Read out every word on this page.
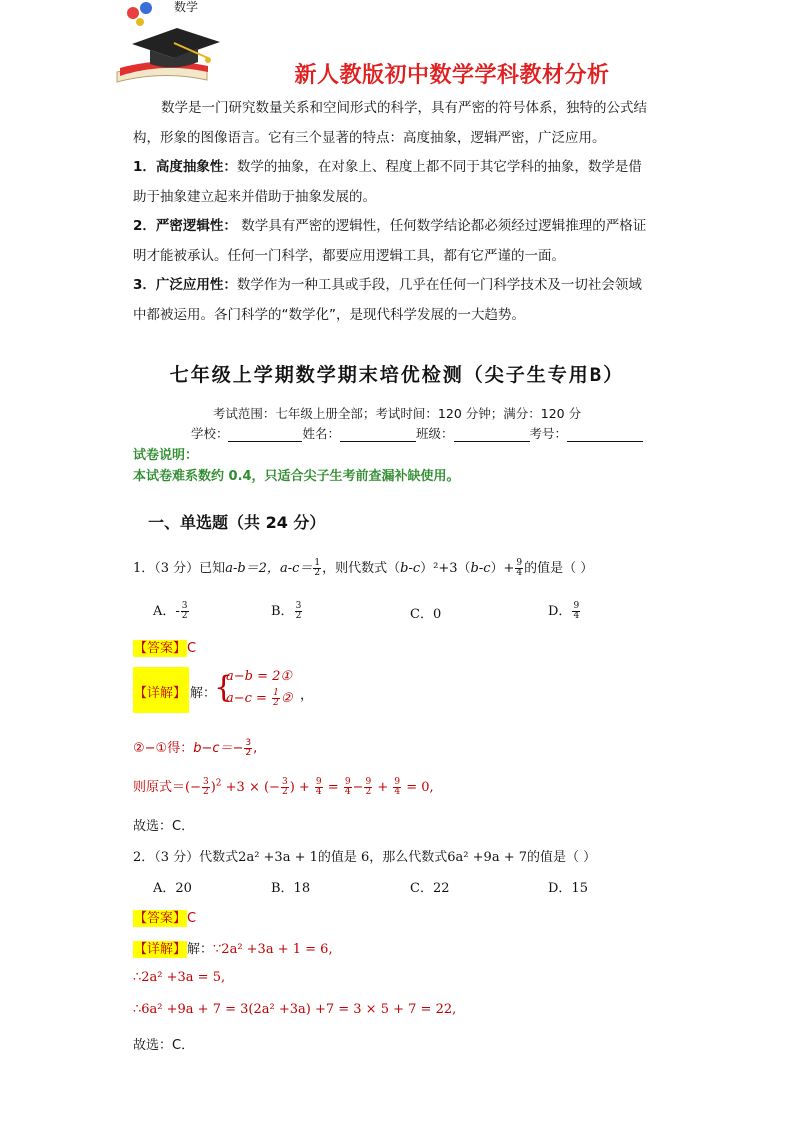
数学
新人教版初中数学学科教材分析

数学是一门研究数量关系和空间形式的科学，具有严密的符号体系，独特的公式结

构，形象的图像语言。它有三个显著的特点：高度抽象，逻辑严密，广泛应用。

1．高度抽象性：数学的抽象，在对象上、程度上都不同于其它学科的抽象，数学是借

助于抽象建立起来并借助于抽象发展的。

2．严密逻辑性： 数学具有严密的逻辑性，任何数学结论都必须经过逻辑推理的严格证

明才能被承认。任何一门科学，都要应用逻辑工具，都有它严谨的一面。

3．广泛应用性：数学作为一种工具或手段，几乎在任何一门科学技术及一切社会领域

中都被运用。各门科学的“数学化”，是现代科学发展的一大趋势。

七年级上学期数学期末培优检测（尖子生专用B）
考试范围：七年级上册全部；考试时间：120 分钟；满分：120 分
学校：	姓名：	班级：	考号：
试卷说明：
本试卷难系数约 0.4，只适合尖子生考前查漏补缺使用。
一、单选题（共 24 分）
1．（3 分）已知a-b＝2，$a-c= \frac{1}{2}$ ，则代数式$(b-c)^2+3(b-c)+ \frac{9}{4}$ 的值是（ ）
A．- $\frac{3}{2}$	B． $\frac{3}{2}$	C．0	D． $\frac{9}{4}$
【答案】C
【详解】 解：
{
a−b = 2①
$a-c = \frac{1}{2}$ ② ，
②−①得：$b-c=- \frac{3}{2}$ ,
则原式＝(− $\frac{3}{2} )^2 +3$ × (− $\frac{3}{2}$ ) + $\frac{9}{4} = \frac{9}{4} - \frac{9}{2} + \frac{9}{4} = 0$,
故选：C．
2．（3 分）代数式2a² +3a + 1的值是 6，那么代数式6a² +9a + 7的值是（ ）
A．20	B．18	C．22	D．15
【答案】C
【详解】解：∵2a² +3a + 1 = 6,
∴2a² +3a = 5,
∴6a² +9a + 7 = 3(2a² +3a) +7 = 3 × 5 + 7 = 22,
故选：C．
